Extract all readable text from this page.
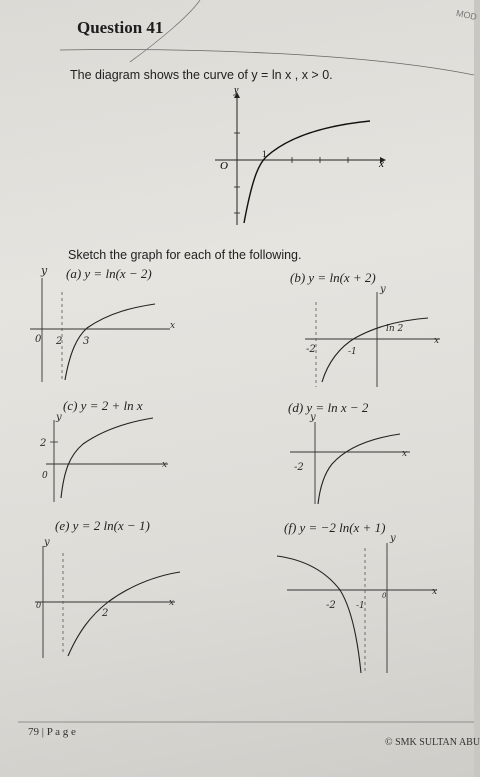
MOD
Question 41
The diagram shows the curve of y = ln x , x > 0.
O
1
x
y
Sketch the graph for each of the following.
(a) y = ln(x − 2)	(b) y = ln(x + 2)
(c) y = 2 + ln x	(d) y = ln x − 2
(e) y = 2 ln(x − 1)	(f) y = −2 ln(x + 1)
y
0 2 3
x
y
-2	-1
ln 2
x
y
2
0
x
y
-2
x
y
0
2
x
y
-2 -1
0	x
79 | P a g e
© SMK SULTAN ABU
